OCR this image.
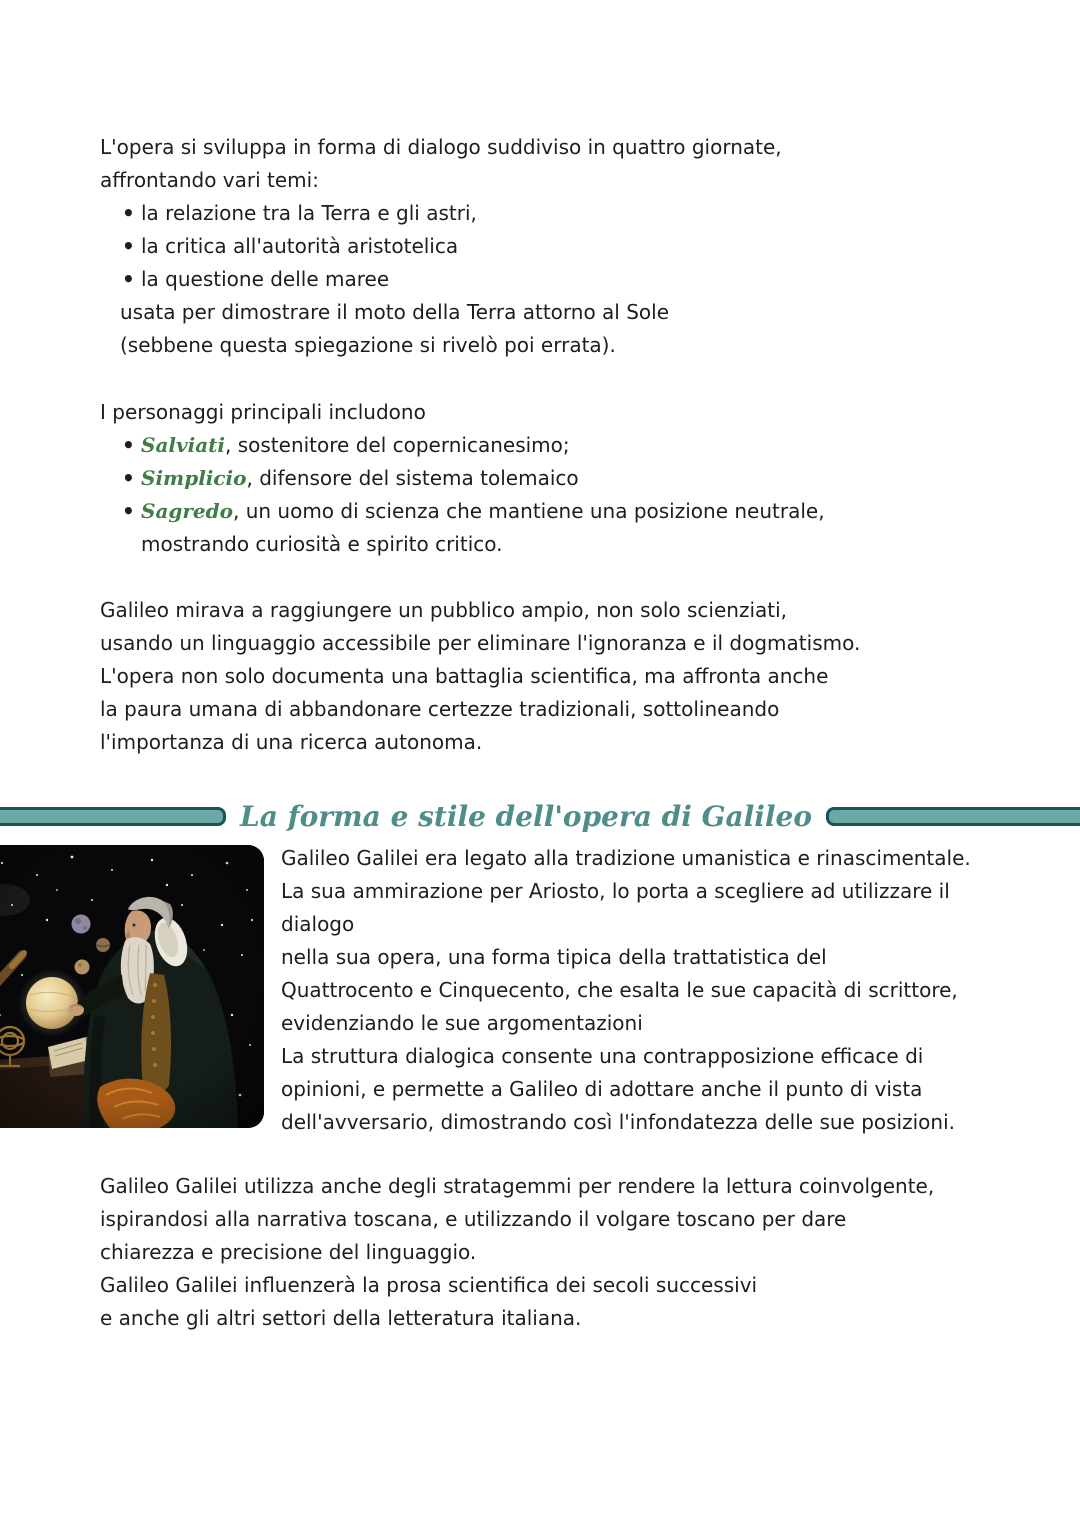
L'opera si sviluppa in forma di dialogo suddiviso in quattro giornate,
affrontando vari temi:
• la relazione tra la Terra e gli astri,
• la critica all'autorità aristotelica
• la questione delle maree
usata per dimostrare il moto della Terra attorno al Sole
(sebbene questa spiegazione si rivelò poi errata).
I personaggi principali includono
• Salviati, sostenitore del copernicanesimo;
• Simplicio, difensore del sistema tolemaico
• Sagredo, un uomo di scienza che mantiene una posizione neutrale,
mostrando curiosità e spirito critico.
Galileo mirava a raggiungere un pubblico ampio, non solo scienziati,
usando un linguaggio accessibile per eliminare l'ignoranza e il dogmatismo.
L'opera non solo documenta una battaglia scientifica, ma affronta anche
la paura umana di abbandonare certezze tradizionali, sottolineando
l'importanza di una ricerca autonoma.
La forma e stile dell'opera di Galileo
Galileo Galilei era legato alla tradizione umanistica e rinascimentale.
La sua ammirazione per Ariosto, lo porta a scegliere ad utilizzare il
dialogo
nella sua opera, una forma tipica della trattatistica del
Quattrocento e Cinquecento, che esalta le sue capacità di scrittore,
evidenziando le sue argomentazioni
La struttura dialogica consente una contrapposizione efficace di
opinioni, e permette a Galileo di adottare anche il punto di vista
dell'avversario, dimostrando così l'infondatezza delle sue posizioni.
Galileo Galilei utilizza anche degli stratagemmi per rendere la lettura coinvolgente,
ispirandosi alla narrativa toscana, e utilizzando il volgare toscano per dare
chiarezza e precisione del linguaggio.
Galileo Galilei influenzerà la prosa scientifica dei secoli successivi
e anche gli altri settori della letteratura italiana.
